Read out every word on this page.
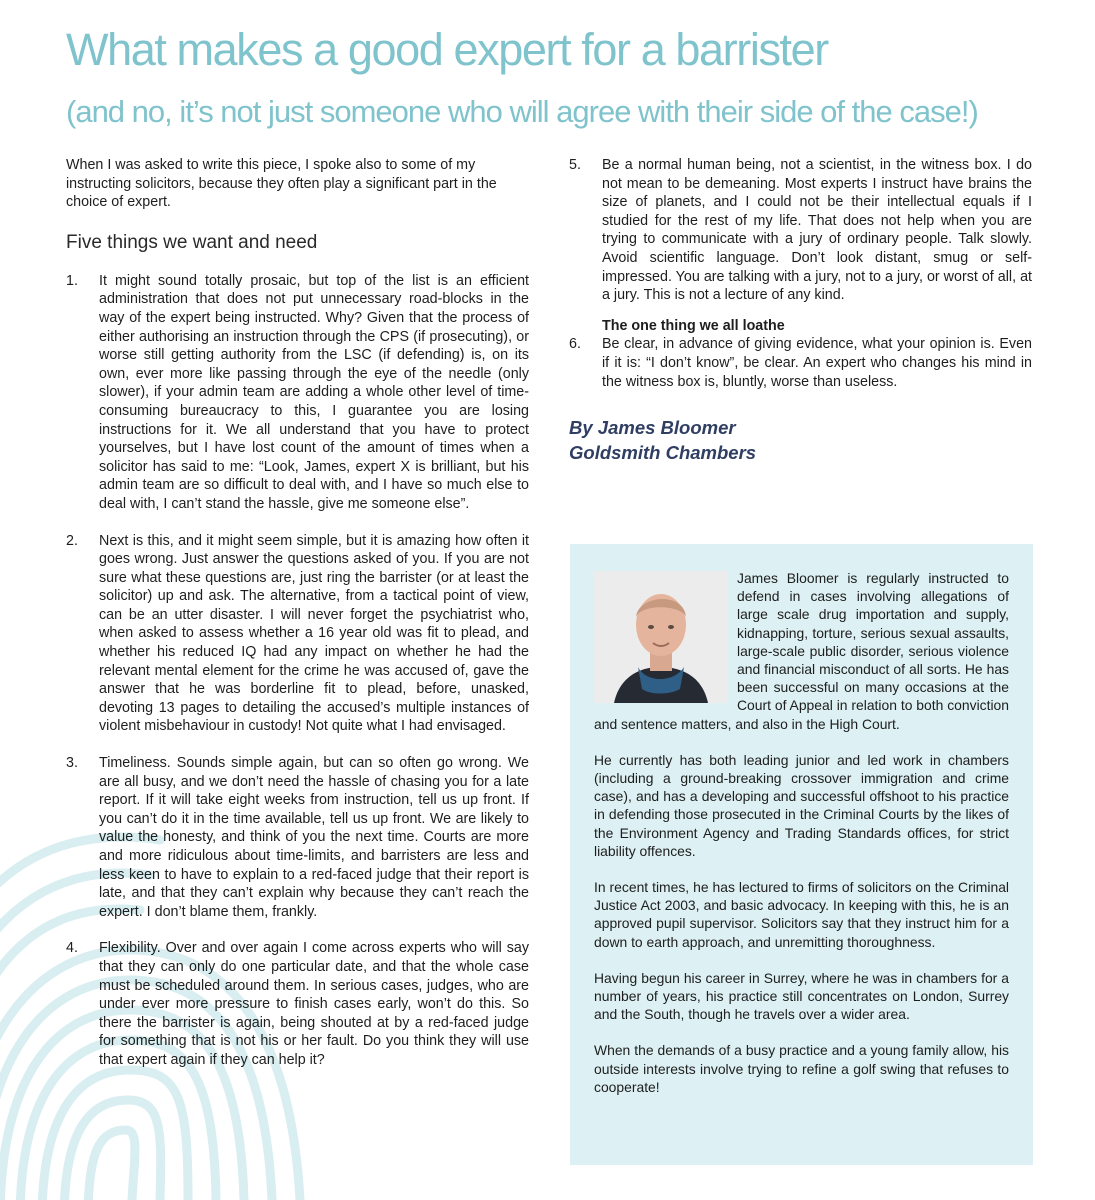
What makes a good expert for a barrister
(and no, it’s not just someone who will agree with their side of the case!)

When I was asked to write this piece, I spoke also to some of my instructing solicitors, because they often play a significant part in the choice of expert.

Five things we want and need
1.	It might sound totally prosaic, but top of the list is an efficient administration that does not put unnecessary road-blocks in the way of the expert being instructed. Why? Given that the process of either authorising an instruction through the CPS (if prosecuting), or worse still getting authority from the LSC (if defending) is, on its own, ever more like passing through the eye of the needle (only slower), if your admin team are adding a whole other level of time-consuming bureaucracy to this, I guarantee you are losing instructions for it. We all understand that you have to protect yourselves, but I have lost count of the amount of times when a solicitor has said to me: “Look, James, expert X is brilliant, but his admin team are so difficult to deal with, and I have so much else to deal with, I can’t stand the hassle, give me someone else”.
2.	Next is this, and it might seem simple, but it is amazing how often it goes wrong. Just answer the questions asked of you. If you are not sure what these questions are, just ring the barrister (or at least the solicitor) up and ask. The alternative, from a tactical point of view, can be an utter disaster. I will never forget the psychiatrist who, when asked to assess whether a 16 year old was fit to plead, and whether his reduced IQ had any impact on whether he had the relevant mental element for the crime he was accused of, gave the answer that he was borderline fit to plead, before, unasked, devoting 13 pages to detailing the accused’s multiple instances of violent misbehaviour in custody! Not quite what I had envisaged.
3.	Timeliness. Sounds simple again, but can so often go wrong. We are all busy, and we don’t need the hassle of chasing you for a late report. If it will take eight weeks from instruction, tell us up front. If you can’t do it in the time available, tell us up front. We are likely to value the honesty, and think of you the next time. Courts are more and more ridiculous about time-limits, and barristers are less and less keen to have to explain to a red-faced judge that their report is late, and that they can’t explain why because they can’t reach the expert. I don’t blame them, frankly.
4.	Flexibility. Over and over again I come across experts who will say that they can only do one particular date, and that the whole case must be scheduled around them. In serious cases, judges, who are under ever more pressure to finish cases early, won’t do this. So there the barrister is again, being shouted at by a red-faced judge for something that is not his or her fault. Do you think they will use that expert again if they can help it?
5.	Be a normal human being, not a scientist, in the witness box. I do not mean to be demeaning. Most experts I instruct have brains the size of planets, and I could not be their intellectual equals if I studied for the rest of my life. That does not help when you are trying to communicate with a jury of ordinary people. Talk slowly. Avoid scientific language. Don’t look distant, smug or self-impressed. You are talking with a jury, not to a jury, or worst of all, at a jury. This is not a lecture of any kind.
The one thing we all loathe
6.	Be clear, in advance of giving evidence, what your opinion is. Even if it is: “I don’t know”, be clear. An expert who changes his mind in the witness box is, bluntly, worse than useless.
By James Bloomer
Goldsmith Chambers

James Bloomer is regularly instructed to defend in cases involving allegations of large scale drug importation and supply, kidnapping, torture, serious sexual assaults, large-scale public disorder, serious violence and financial misconduct of all sorts. He has been successful on many occasions at the Court of Appeal in relation to both conviction and sentence matters, and also in the High Court.

He currently has both leading junior and led work in chambers (including a ground-breaking crossover immigration and crime case), and has a developing and successful offshoot to his practice in defending those prosecuted in the Criminal Courts by the likes of the Environment Agency and Trading Standards offices, for strict liability offences.

In recent times, he has lectured to firms of solicitors on the Criminal Justice Act 2003, and basic advocacy. In keeping with this, he is an approved pupil supervisor. Solicitors say that they instruct him for a down to earth approach, and unremitting thoroughness.

Having begun his career in Surrey, where he was in chambers for a number of years, his practice still concentrates on London, Surrey and the South, though he travels over a wider area.

When the demands of a busy practice and a young family allow, his outside interests involve trying to refine a golf swing that refuses to cooperate!
